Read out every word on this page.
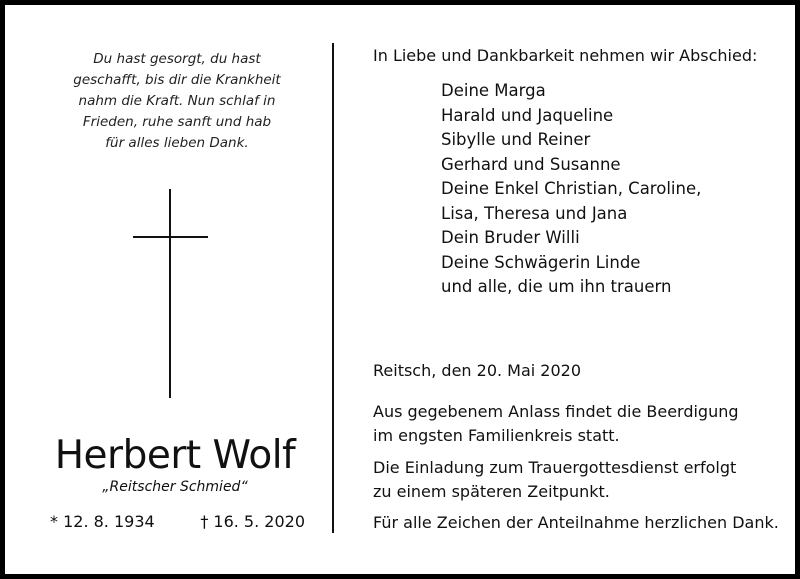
Du hast gesorgt, du hast
geschafft, bis dir die Krankheit
nahm die Kraft. Nun schlaf in
Frieden, ruhe sanft und hab
für alles lieben Dank.
Herbert Wolf
„Reitscher Schmied“
* 12. 8. 1934	† 16. 5. 2020
In Liebe und Dankbarkeit nehmen wir Abschied:
Deine Marga
Harald und Jaqueline
Sibylle und Reiner
Gerhard und Susanne
Deine Enkel Christian, Caroline,
Lisa, Theresa und Jana
Dein Bruder Willi
Deine Schwägerin Linde
und alle, die um ihn trauern
Reitsch, den 20. Mai 2020

Aus gegebenem Anlass findet die Beerdigung
im engsten Familienkreis statt.

Die Einladung zum Trauergottesdienst erfolgt
zu einem späteren Zeitpunkt.

Für alle Zeichen der Anteilnahme herzlichen Dank.
